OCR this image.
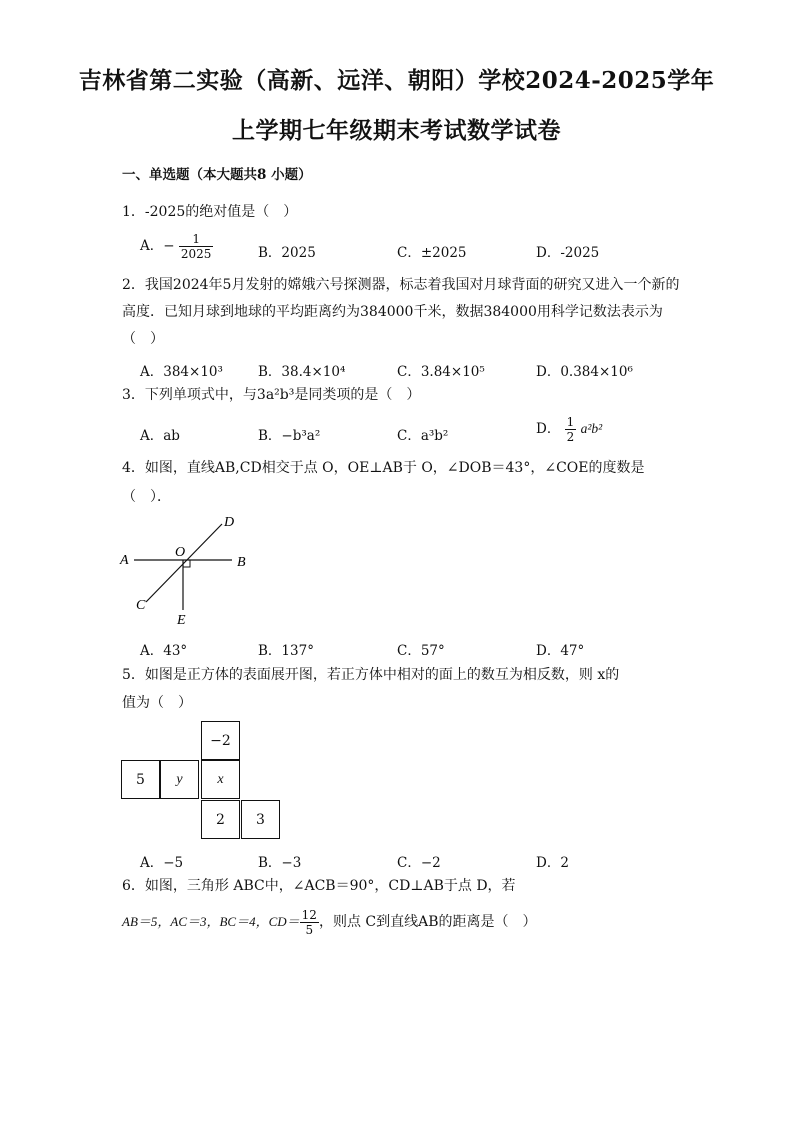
吉林省第二实验（高新、远洋、朝阳）学校2024-2025学年
上学期七年级期末考试数学试卷
一、单选题（本大题共8 小题）
1．-2025的绝对值是（　）
A．− $\frac{1}{2025}$	B．2025	C．±2025	D．-2025
2．我国2024年5月发射的嫦娥六号探测器，标志着我国对月球背面的研究又进入一个新的高度．已知月球到地球的平均距离约为384000千米，数据384000用科学记数法表示为（　）
A．384×10³	B．38.4×10⁴	C．3.84×10⁵	D．0.384×10⁶
3．下列单项式中，与3a²b³是同类项的是（　）
A．ab	B．−b³a²	C．a³b²	D． $\frac{1}{2} a^2b^2$
4．如图，直线AB,CD相交于点 O，OE⊥AB于 O，∠DOB＝43°，∠COE的度数是
（　）．
A	B
C
D
O
E
A．43°	B．137°	C．57°	D．47°
5．如图是正方体的表面展开图，若正方体中相对的面上的数互为相反数，则 x的
值为（　）
−2
5	y	x
2	3
A．−5	B．−3	C．−2	D．2
6．如图，三角形 ABC中，∠ACB＝90°，CD⊥AB于点 D，若
AB＝5，AC＝3，BC＝4，$CD= \frac{12}{5}$ ，则点 C到直线AB的距离是（　）
